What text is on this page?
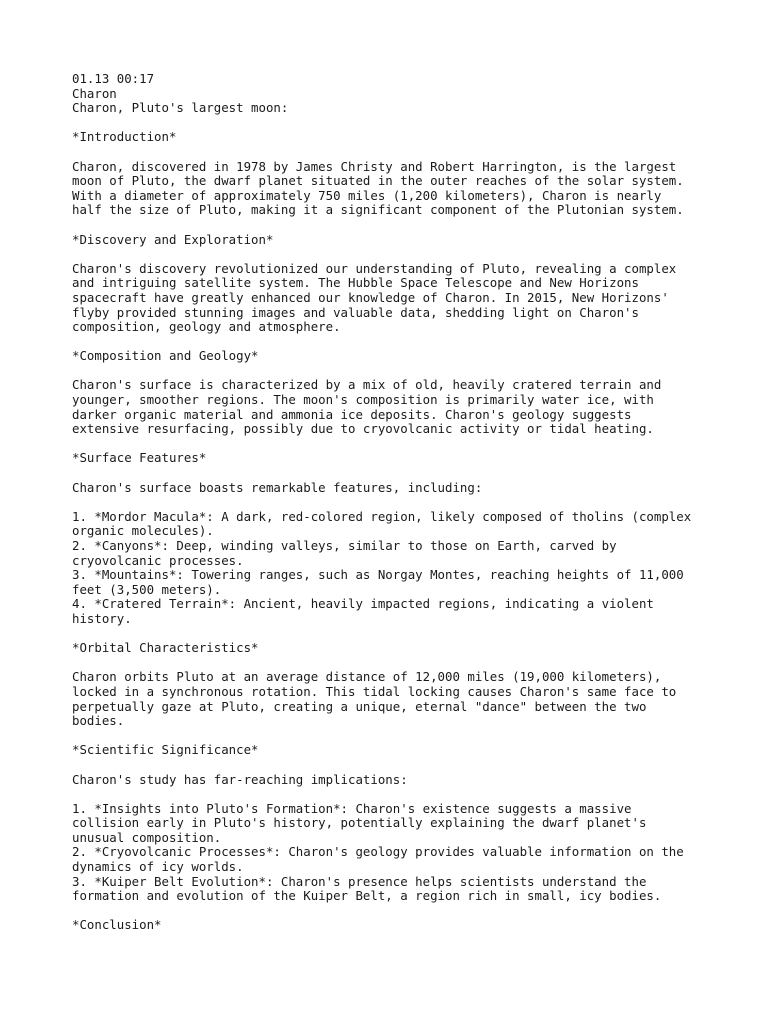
01.13 00:17
Charon
Charon, Pluto's largest moon:
*Introduction*
Charon, discovered in 1978 by James Christy and Robert Harrington, is the largest
moon of Pluto, the dwarf planet situated in the outer reaches of the solar system.
With a diameter of approximately 750 miles (1,200 kilometers), Charon is nearly
half the size of Pluto, making it a significant component of the Plutonian system.
*Discovery and Exploration*
Charon's discovery revolutionized our understanding of Pluto, revealing a complex
and intriguing satellite system. The Hubble Space Telescope and New Horizons
spacecraft have greatly enhanced our knowledge of Charon. In 2015, New Horizons'
flyby provided stunning images and valuable data, shedding light on Charon's
composition, geology and atmosphere.
*Composition and Geology*
Charon's surface is characterized by a mix of old, heavily cratered terrain and
younger, smoother regions. The moon's composition is primarily water ice, with
darker organic material and ammonia ice deposits. Charon's geology suggests
extensive resurfacing, possibly due to cryovolcanic activity or tidal heating.
*Surface Features*
Charon's surface boasts remarkable features, including:
1. *Mordor Macula*: A dark, red-colored region, likely composed of tholins (complex
organic molecules).
2. *Canyons*: Deep, winding valleys, similar to those on Earth, carved by
cryovolcanic processes.
3. *Mountains*: Towering ranges, such as Norgay Montes, reaching heights of 11,000
feet (3,500 meters).
4. *Cratered Terrain*: Ancient, heavily impacted regions, indicating a violent
history.
*Orbital Characteristics*
Charon orbits Pluto at an average distance of 12,000 miles (19,000 kilometers),
locked in a synchronous rotation. This tidal locking causes Charon's same face to
perpetually gaze at Pluto, creating a unique, eternal "dance" between the two
bodies.
*Scientific Significance*
Charon's study has far-reaching implications:
1. *Insights into Pluto's Formation*: Charon's existence suggests a massive
collision early in Pluto's history, potentially explaining the dwarf planet's
unusual composition.
2. *Cryovolcanic Processes*: Charon's geology provides valuable information on the
dynamics of icy worlds.
3. *Kuiper Belt Evolution*: Charon's presence helps scientists understand the
formation and evolution of the Kuiper Belt, a region rich in small, icy bodies.
*Conclusion*
